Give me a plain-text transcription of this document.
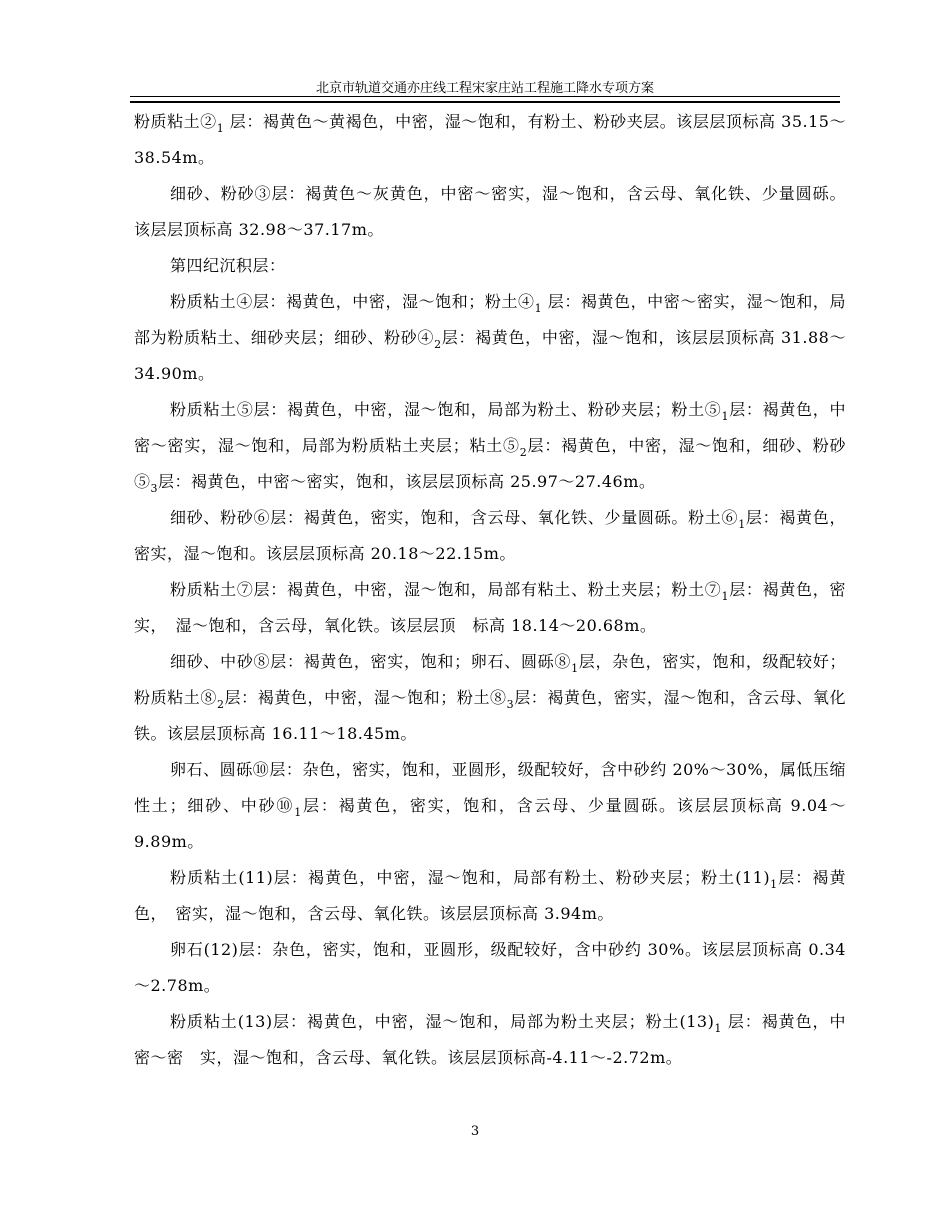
北京市轨道交通亦庄线工程宋家庄站工程施工降水专项方案

粉质粘土$②_1$ 层：褐黄色～黄褐色，中密，湿～饱和，有粉土、粉砂夹层。该层层顶标高 35.15～38.54m。

细砂、粉砂③层：褐黄色～灰黄色，中密～密实，湿～饱和，含云母、氧化铁、少量圆砾。该层层顶标高 32.98～37.17m。

第四纪沉积层：

粉质粘土④层：褐黄色，中密，湿～饱和；粉土$④_1$ 层：褐黄色，中密～密实，湿～饱和，局部为粉质粘土、细砂夹层；细砂、粉砂$④_2$层：褐黄色，中密，湿～饱和，该层层顶标高 31.88～34.90m。

粉质粘土⑤层：褐黄色，中密，湿～饱和，局部为粉土、粉砂夹层；粉土$⑤_1$层：褐黄色，中密～密实，湿～饱和，局部为粉质粘土夹层；粘土$⑤_2$层：褐黄色，中密，湿～饱和，细砂、粉砂$⑤_3$层：褐黄色，中密～密实，饱和，该层层顶标高 25.97～27.46m。

细砂、粉砂⑥层：褐黄色，密实，饱和，含云母、氧化铁、少量圆砾。粉土$⑥_1$层：褐黄色，密实，湿～饱和。该层层顶标高 20.18～22.15m。

粉质粘土⑦层：褐黄色，中密，湿～饱和，局部有粘土、粉土夹层；粉土$⑦_1$层：褐黄色，密实，　湿～饱和，含云母，氧化铁。该层层顶　标高 18.14～20.68m。

细砂、中砂⑧层：褐黄色，密实，饱和；卵石、圆砾$⑧_1$层，杂色，密实，饱和，级配较好；粉质粘土$⑧_2$层：褐黄色，中密，湿～饱和；粉土$⑧_3$层：褐黄色，密实，湿～饱和，含云母、氧化铁。该层层顶标高 16.11～18.45m。

卵石、圆砾⑩层：杂色，密实，饱和，亚圆形，级配较好，含中砂约 20%～30%，属低压缩性土；细砂、中砂$⑩_1$层：褐黄色，密实，饱和，含云母、少量圆砾。该层层顶标高 9.04～9.89m。

粉质粘土(11)层：褐黄色，中密，湿～饱和，局部有粉土、粉砂夹层；粉土$(11)_1$层：褐黄色，　密实，湿～饱和，含云母、氧化铁。该层层顶标高 3.94m。

卵石(12)层：杂色，密实，饱和，亚圆形，级配较好，含中砂约 30%。该层层顶标高 0.34～2.78m。

粉质粘土(13)层：褐黄色，中密，湿～饱和，局部为粉土夹层；粉土$(13)_1$ 层：褐黄色，中密～密　实，湿～饱和，含云母、氧化铁。该层层顶标高-4.11～-2.72m。

3
